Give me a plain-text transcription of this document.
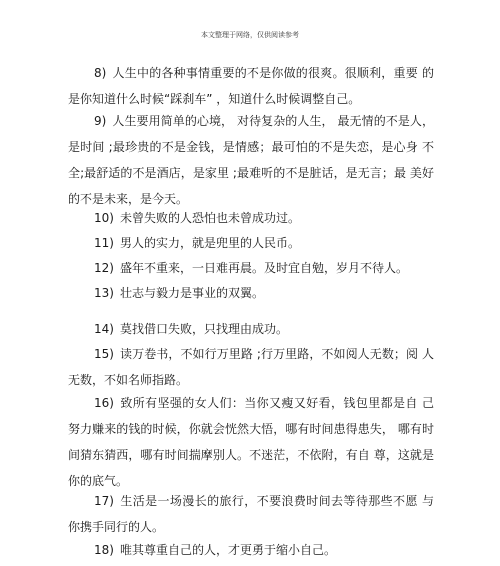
本文整理于网络，仅供阅读参考
8) 人生中的各种事情重要的不是你做的很爽。很顺利，重要 的是你知道什么时候“踩刹车” ，知道什么时候调整自己。
9) 人生要用简单的心境， 对待复杂的人生， 最无情的不是人，是时间 ;最珍贵的不是金钱，是情感；最可怕的不是失恋，是心身 不全;最舒适的不是酒店，是家里 ;最难听的不是脏话，是无言；最 美好的不是未来，是今天。
10) 未曾失败的人恐怕也未曾成功过。
11) 男人的实力，就是兜里的人民币。
12) 盛年不重来，一日难再晨。及时宜自勉，岁月不待人。
13) 壮志与毅力是事业的双翼。
14) 莫找借口失败，只找理由成功。
15) 读万卷书，不如行万里路 ;行万里路，不如阅人无数；阅 人无数，不如名师指路。
16) 致所有坚强的女人们：当你又瘦又好看，钱包里都是自 己努力赚来的钱的时候，你就会恍然大悟，哪有时间患得患失， 哪有时间猜东猜西，哪有时间揣摩别人。不迷茫，不依附，有自 尊，这就是你的底气。
17) 生活是一场漫长的旅行，不要浪费时间去等待那些不愿 与你携手同行的人。
18) 唯其尊重自己的人，才更勇于缩小自己。
